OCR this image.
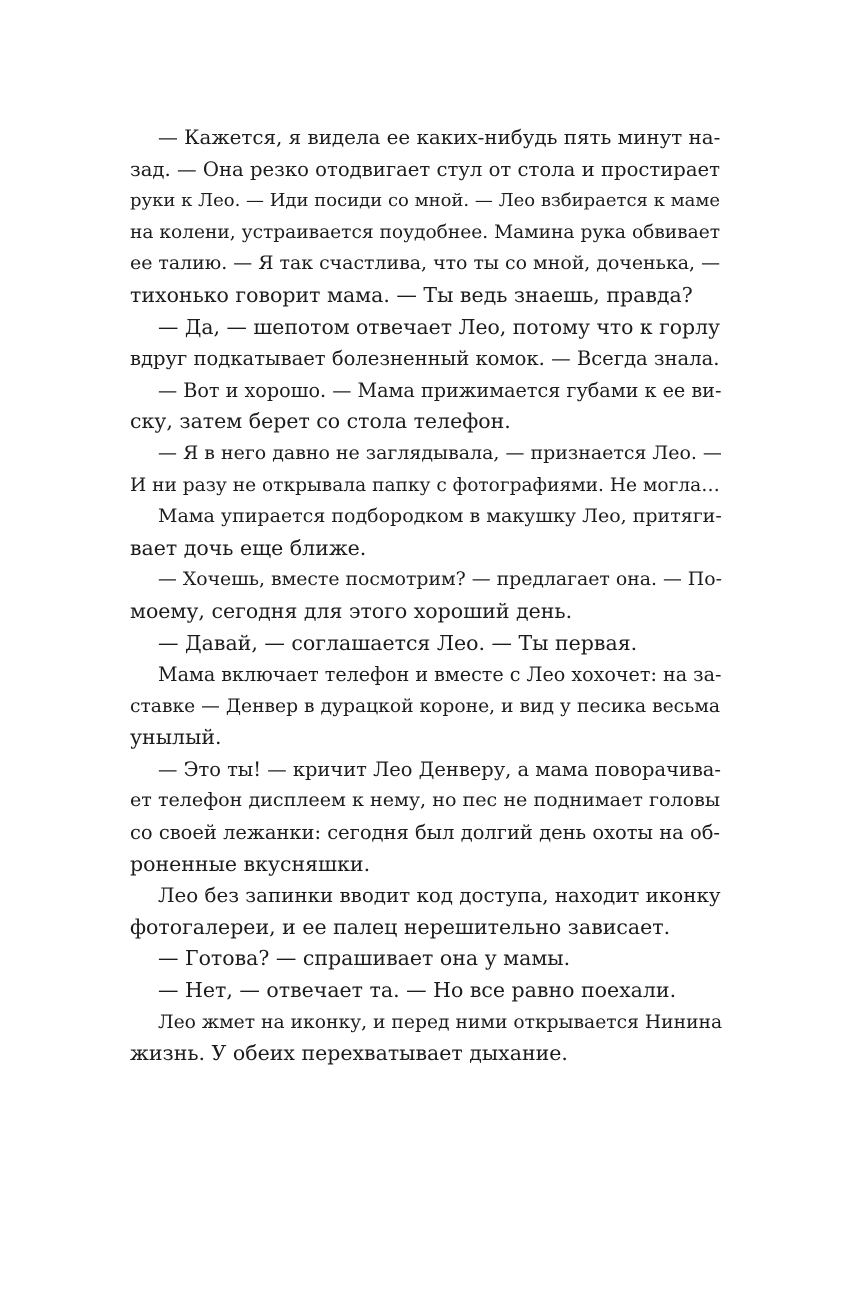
— Кажется, я видела ее каких-нибудь пять минут на-
зад. — Она резко отодвигает стул от стола и простирает
руки к Лео. — Иди посиди со мной. — Лео взбирается к маме
на колени, устраивается поудобнее. Мамина рука обвивает
ее талию. — Я так счастлива, что ты со мной, доченька, —
тихонько говорит мама. — Ты ведь знаешь, правда?
— Да, — шепотом отвечает Лео, потому что к горлу
вдруг подкатывает болезненный комок. — Всегда знала.
— Вот и хорошо. — Мама прижимается губами к ее ви-
ску, затем берет со стола телефон.
— Я в него давно не заглядывала, — признается Лео. —
И ни разу не открывала папку с фотографиями. Не могла…
Мама упирается подбородком в макушку Лео, притяги-
вает дочь еще ближе.
— Хочешь, вместе посмотрим? — предлагает она. — По-
моему, сегодня для этого хороший день.
— Давай, — соглашается Лео. — Ты первая.
Мама включает телефон и вместе с Лео хохочет: на за-
ставке — Денвер в дурацкой короне, и вид у песика весьма
унылый.
— Это ты! — кричит Лео Денверу, а мама поворачива-
ет телефон дисплеем к нему, но пес не поднимает головы
со своей лежанки: сегодня был долгий день охоты на об-
роненные вкусняшки.
Лео без запинки вводит код доступа, находит иконку
фотогалереи, и ее палец нерешительно зависает.
— Готова? — спрашивает она у мамы.
— Нет, — отвечает та. — Но все равно поехали.
Лео жмет на иконку, и перед ними открывается Нинина
жизнь. У обеих перехватывает дыхание.
